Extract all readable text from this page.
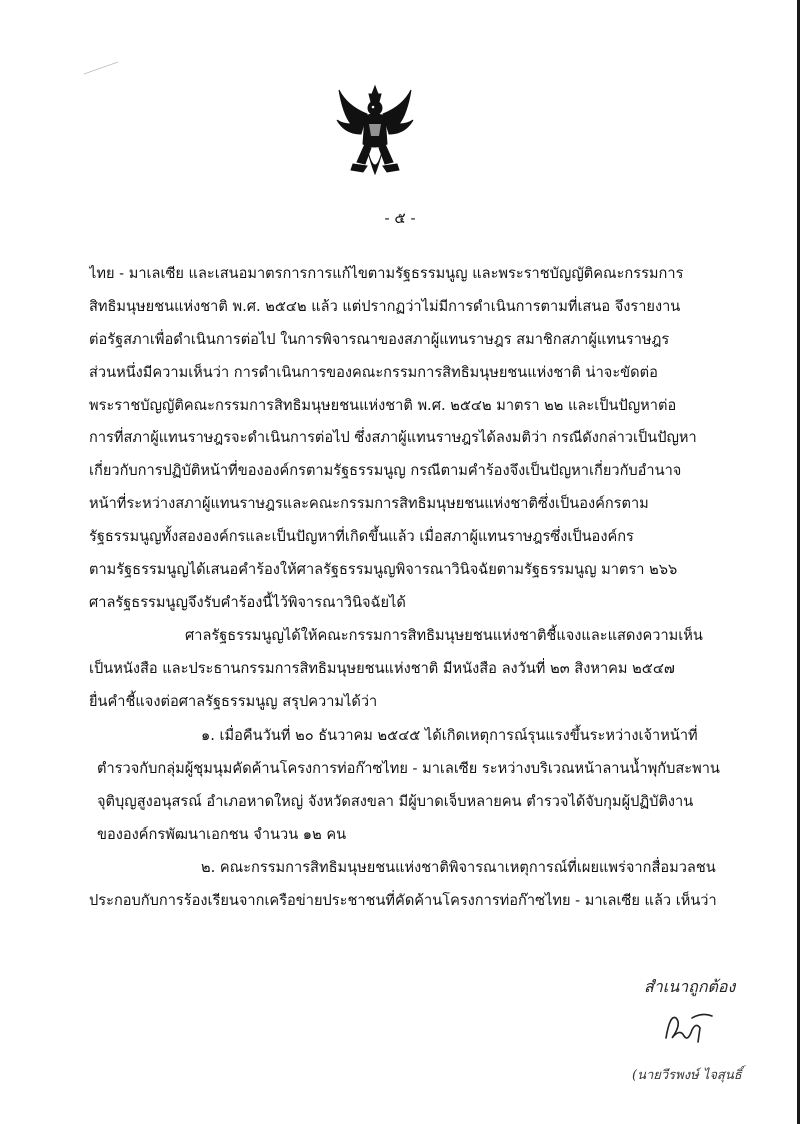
- ๕ -
ไทย - มาเลเซีย และเสนอมาตรการการแก้ไขตามรัฐธรรมนูญ และพระราชบัญญัติคณะกรรมการ
สิทธิมนุษยชนแห่งชาติ พ.ศ. ๒๕๔๒ แล้ว แต่ปรากฏว่าไม่มีการดำเนินการตามที่เสนอ จึงรายงาน
ต่อรัฐสภาเพื่อดำเนินการต่อไป ในการพิจารณาของสภาผู้แทนราษฎร สมาชิกสภาผู้แทนราษฎร
ส่วนหนึ่งมีความเห็นว่า การดำเนินการของคณะกรรมการสิทธิมนุษยชนแห่งชาติ น่าจะขัดต่อ
พระราชบัญญัติคณะกรรมการสิทธิมนุษยชนแห่งชาติ พ.ศ. ๒๕๔๒ มาตรา ๒๒ และเป็นปัญหาต่อ
การที่สภาผู้แทนราษฎรจะดำเนินการต่อไป ซึ่งสภาผู้แทนราษฎรได้ลงมติว่า กรณีดังกล่าวเป็นปัญหา
เกี่ยวกับการปฏิบัติหน้าที่ขององค์กรตามรัฐธรรมนูญ กรณีตามคำร้องจึงเป็นปัญหาเกี่ยวกับอำนาจ
หน้าที่ระหว่างสภาผู้แทนราษฎรและคณะกรรมการสิทธิมนุษยชนแห่งชาติซึ่งเป็นองค์กรตาม
รัฐธรรมนูญทั้งสององค์กรและเป็นปัญหาที่เกิดขึ้นแล้ว เมื่อสภาผู้แทนราษฎรซึ่งเป็นองค์กร
ตามรัฐธรรมนูญได้เสนอคำร้องให้ศาลรัฐธรรมนูญพิจารณาวินิจฉัยตามรัฐธรรมนูญ มาตรา ๒๖๖
ศาลรัฐธรรมนูญจึงรับคำร้องนี้ไว้พิจารณาวินิจฉัยได้
ศาลรัฐธรรมนูญได้ให้คณะกรรมการสิทธิมนุษยชนแห่งชาติชี้แจงและแสดงความเห็น
เป็นหนังสือ และประธานกรรมการสิทธิมนุษยชนแห่งชาติ มีหนังสือ ลงวันที่ ๒๓ สิงหาคม ๒๕๔๗
ยื่นคำชี้แจงต่อศาลรัฐธรรมนูญ สรุปความได้ว่า
๑. เมื่อคืนวันที่ ๒๐ ธันวาคม ๒๕๔๕ ได้เกิดเหตุการณ์รุนแรงขึ้นระหว่างเจ้าหน้าที่
ตำรวจกับกลุ่มผู้ชุมนุมคัดค้านโครงการท่อก๊าซไทย - มาเลเซีย ระหว่างบริเวณหน้าลานน้ำพุกับสะพาน
จุติบุญสูงอนุสรณ์ อำเภอหาดใหญ่ จังหวัดสงขลา มีผู้บาดเจ็บหลายคน ตำรวจได้จับกุมผู้ปฏิบัติงาน
ขององค์กรพัฒนาเอกชน จำนวน ๑๒ คน
๒. คณะกรรมการสิทธิมนุษยชนแห่งชาติพิจารณาเหตุการณ์ที่เผยแพร่จากสื่อมวลชน
ประกอบกับการร้องเรียนจากเครือข่ายประชาชนที่คัดค้านโครงการท่อก๊าซไทย - มาเลเซีย แล้ว เห็นว่า
สำเนาถูกต้อง
(นายวีรพงษ์ ไจสุนธิ์
